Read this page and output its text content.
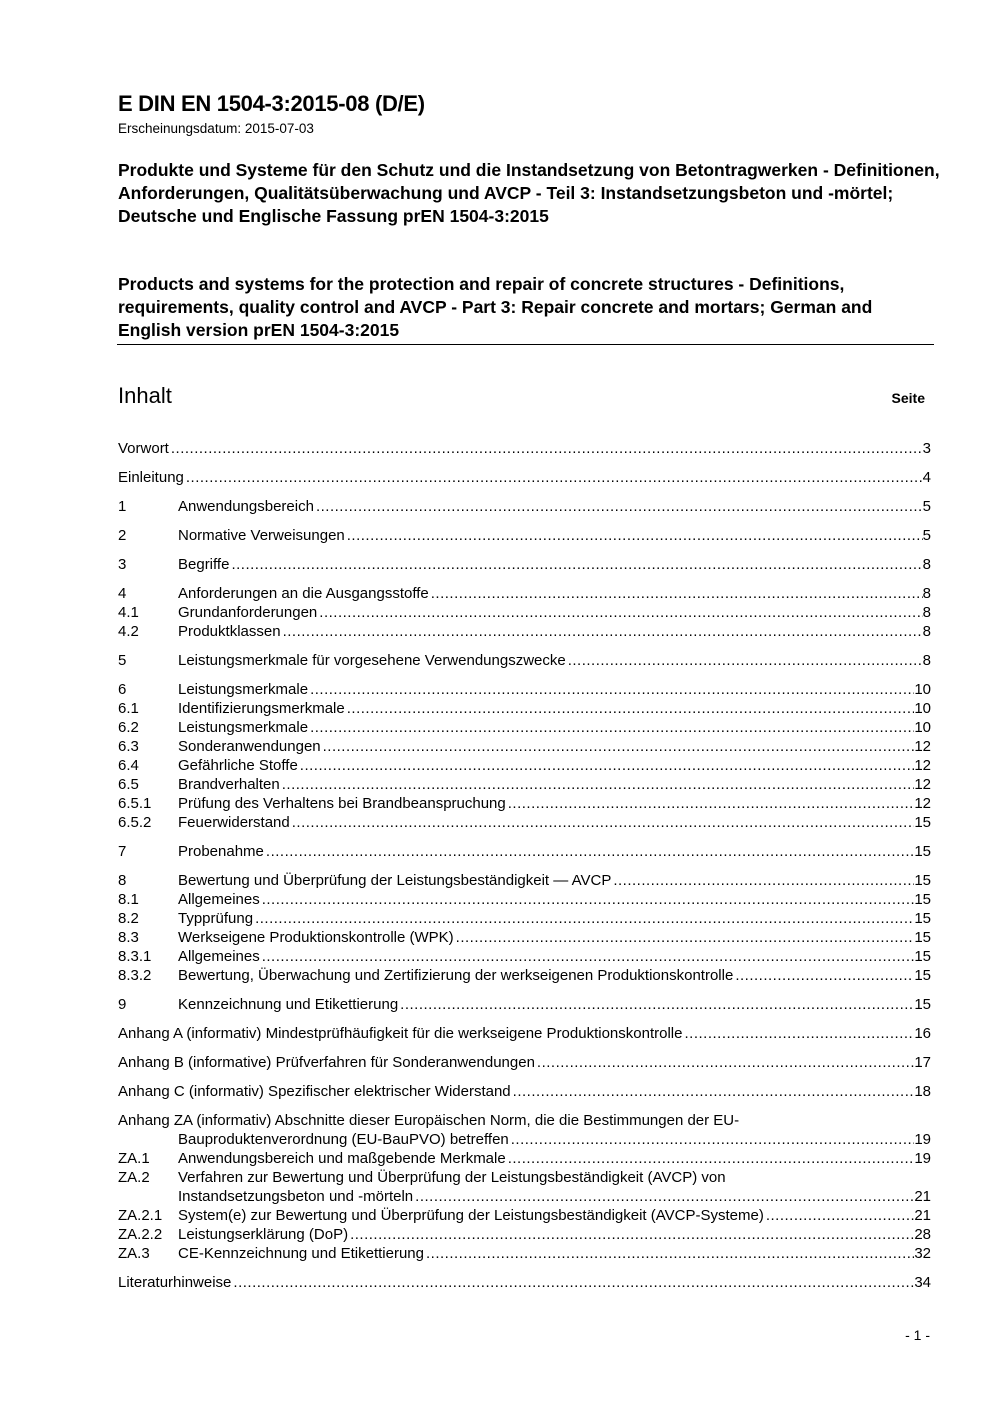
E DIN EN 1504-3:2015-08 (D/E)
Erscheinungsdatum: 2015-07-03
Produkte und Systeme für den Schutz und die Instandsetzung von Betontragwerken - Definitionen, Anforderungen, Qualitätsüberwachung und AVCP - Teil 3: Instandsetzungsbeton und -mörtel; Deutsche und Englische Fassung prEN 1504-3:2015
Products and systems for the protection and repair of concrete structures - Definitions, requirements, quality control and AVCP - Part 3: Repair concrete and mortars; German and English version prEN 1504-3:2015
Inhalt	Seite
Vorwort .....	3
Einleitung .....	4
1	Anwendungsbereich .....	5
2	Normative Verweisungen .....	5
3	Begriffe .....	8
4	Anforderungen an die Ausgangsstoffe .....	8
4.1	Grundanforderungen .....	8
4.2	Produktklassen .....	8
5	Leistungsmerkmale für vorgesehene Verwendungszwecke .....	8
6	Leistungsmerkmale .....	10
6.1	Identifizierungsmerkmale .....	10
6.2	Leistungsmerkmale .....	10
6.3	Sonderanwendungen .....	12
6.4	Gefährliche Stoffe .....	12
6.5	Brandverhalten .....	12
6.5.1	Prüfung des Verhaltens bei Brandbeanspruchung .....	12
6.5.2	Feuerwiderstand .....	15
7	Probenahme .....	15
8	Bewertung und Überprüfung der Leistungsbeständigkeit — AVCP .....	15
8.1	Allgemeines .....	15
8.2	Typprüfung .....	15
8.3	Werkseigene Produktionskontrolle (WPK) .....	15
8.3.1	Allgemeines .....	15
8.3.2	Bewertung, Überwachung und Zertifizierung der werkseigenen Produktionskontrolle .....	15
9	Kennzeichnung und Etikettierung .....	15
Anhang A (informativ) Mindestprüfhäufigkeit für die werkseigene Produktionskontrolle .....	16
Anhang B (informative) Prüfverfahren für Sonderanwendungen .....	17
Anhang C (informativ) Spezifischer elektrischer Widerstand .....	18
Anhang ZA (informativ) Abschnitte dieser Europäischen Norm, die die Bestimmungen der EU-
Bauproduktenverordnung (EU-BauPVO) betreffen .....	19
ZA.1	Anwendungsbereich und maßgebende Merkmale .....	19
ZA.2	Verfahren zur Bewertung und Überprüfung der Leistungsbeständigkeit (AVCP) von
Instandsetzungsbeton und -mörteln .....	21
ZA.2.1	System(e) zur Bewertung und Überprüfung der Leistungsbeständigkeit (AVCP-Systeme) .....	21
ZA.2.2	Leistungserklärung (DoP) .....	28
ZA.3	CE-Kennzeichnung und Etikettierung .....	32
Literaturhinweise .....	34
- 1 -
